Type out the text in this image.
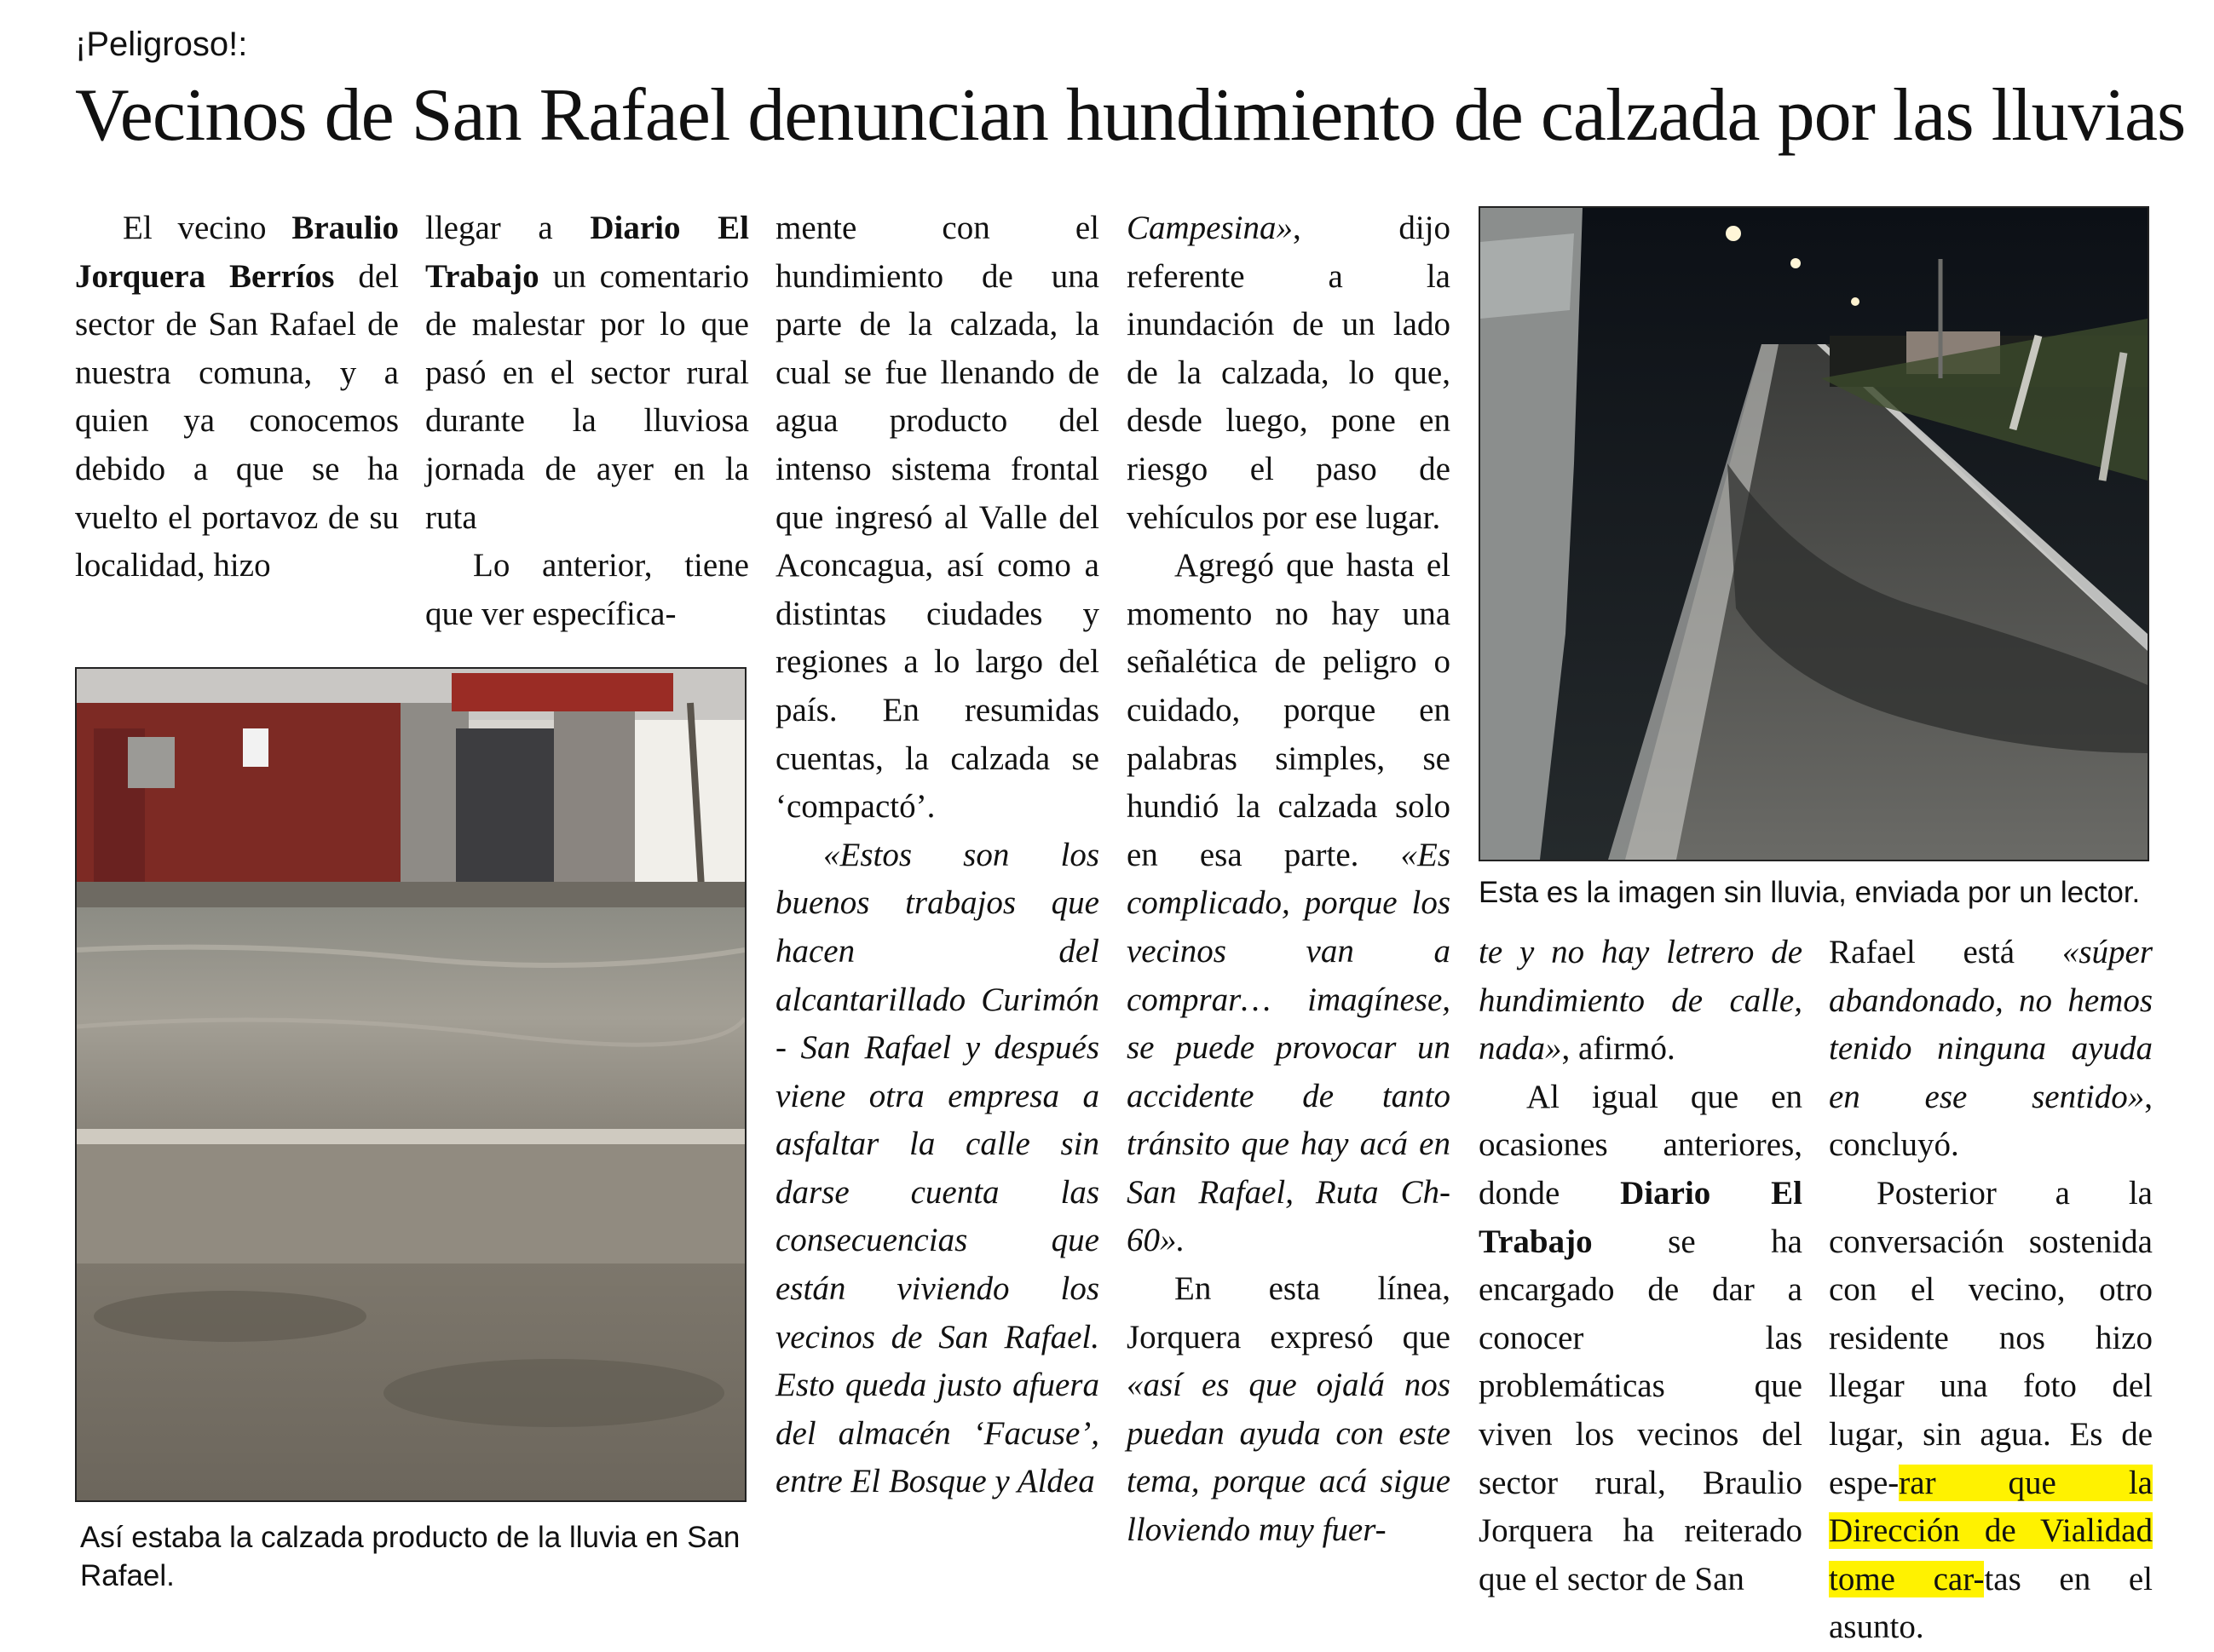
¡Peligroso!:
Vecinos de San Rafael denuncian hundimiento de calzada por las lluvias

El vecino Braulio Jorquera Berríos del sector de San Rafael de nuestra comuna, y a quien ya conocemos debido a que se ha vuelto el portavoz de su localidad, hizo

llegar a Diario El Trabajo un comentario de malestar por lo que pasó en el sector rural durante la lluviosa jornada de ayer en la ruta

Lo anterior, tiene que ver específica-

Así estaba la calzada producto de la lluvia en San Rafael.

mente con el hundimiento de una parte de la calzada, la cual se fue llenando de agua producto del intenso sistema frontal que ingresó al Valle del Aconcagua, así como a distintas ciudades y regiones a lo largo del país. En resumidas cuentas, la calzada se ‘compactó’.

«Estos son los buenos trabajos que hacen del alcantarillado Curimón - San Rafael y después viene otra empresa a asfaltar la calle sin darse cuenta las consecuencias que están viviendo los vecinos de San Rafael. Esto queda justo afuera del almacén ‘Facuse’, entre El Bosque y Aldea

Campesina», dijo referente a la inundación de un lado de la calzada, lo que, desde luego, pone en riesgo el paso de vehículos por ese lugar.

Agregó que hasta el momento no hay una señalética de peligro o cuidado, porque en palabras simples, se hundió la calzada solo en esa parte. «Es complicado, porque los vecinos van a comprar… imagínese, se puede provocar un accidente de tanto tránsito que hay acá en San Rafael, Ruta Ch-60».

En esta línea, Jorquera expresó que «así es que ojalá nos puedan ayuda con este tema, porque acá sigue lloviendo muy fuer-

Esta es la imagen sin lluvia, enviada por un lector.

te y no hay letrero de hundimiento de calle, nada», afirmó.

Al igual que en ocasiones anteriores, donde Diario El Trabajo se ha encargado de dar a conocer las problemáticas que viven los vecinos del sector rural, Braulio Jorquera ha reiterado que el sector de San

Rafael está «súper abandonado, no hemos tenido ninguna ayuda en ese sentido», concluyó.

Posterior a la conversación sostenida con el vecino, otro residente nos hizo llegar una foto del lugar, sin agua. Es de espe-rar que la Dirección de Vialidad tome car-tas en el asunto.
